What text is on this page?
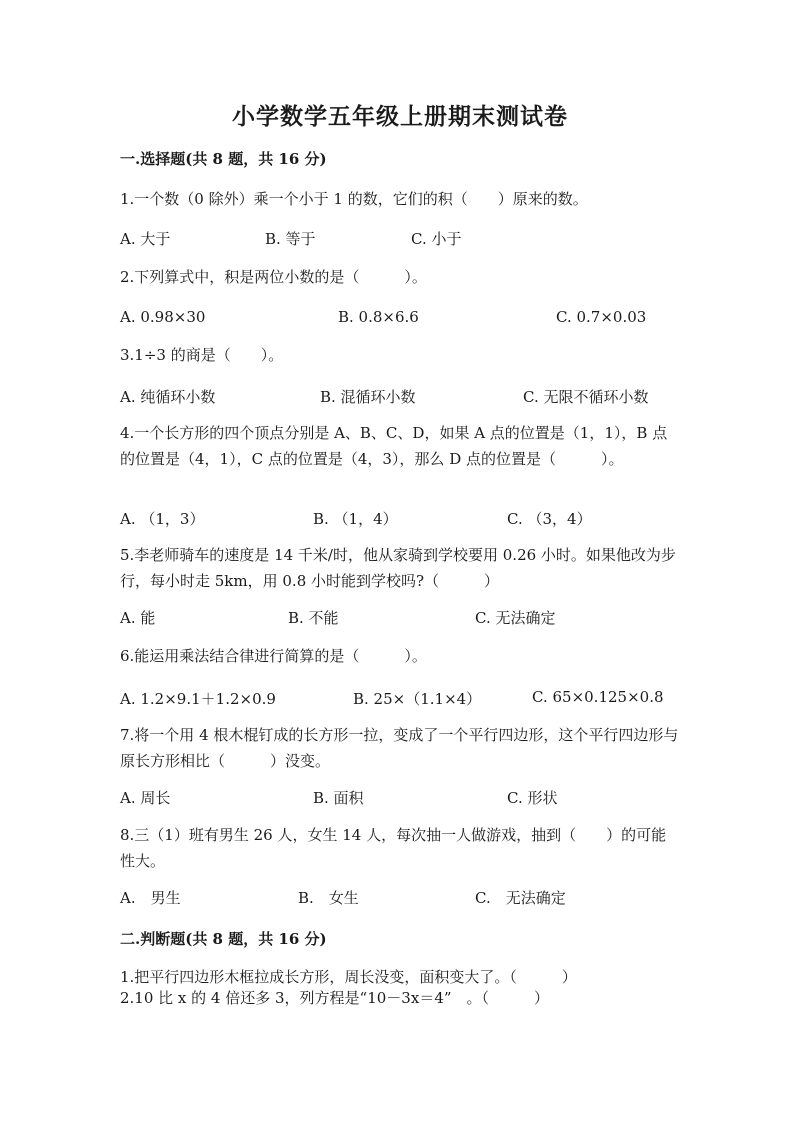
小学数学五年级上册期末测试卷
一.选择题(共 8 题，共 16 分)
1.一个数（0 除外）乘一个小于 1 的数，它们的积（　　）原来的数。
A. 大于	B. 等于	C. 小于
2.下列算式中，积是两位小数的是（　　　）。
A. 0.98×30	B. 0.8×6.6	C. 0.7×0.03
3.1÷3 的商是（　　）。
A. 纯循环小数	B. 混循环小数	C. 无限不循环小数
4.一个长方形的四个顶点分别是 A、B、C、D，如果 A 点的位置是（1，1），B 点的位置是（4，1），C 点的位置是（4，3），那么 D 点的位置是（　　　）。
A. （1，3）	B. （1，4）	C. （3，4）
5.李老师骑车的速度是 14 千米/时，他从家骑到学校要用 0.26 小时。如果他改为步行，每小时走 5km，用 0.8 小时能到学校吗?（　　　）
A. 能	B. 不能	C. 无法确定
6.能运用乘法结合律进行简算的是（　　　）。
A. 1.2×9.1＋1.2×0.9	B. 25×（1.1×4）	C. 65×0.125×0.8
7.将一个用 4 根木棍钉成的长方形一拉，变成了一个平行四边形，这个平行四边形与原长方形相比（　　　）没变。
A. 周长	B. 面积	C. 形状
8.三（1）班有男生 26 人，女生 14 人，每次抽一人做游戏，抽到（　　）的可能性大。
A.　男生	B.　女生	C.　无法确定
二.判断题(共 8 题，共 16 分)
1.把平行四边形木框拉成长方形，周长没变，面积变大了。（　　　）
2.10 比 x 的 4 倍还多 3，列方程是“10－3x＝4”　。（　　　）
